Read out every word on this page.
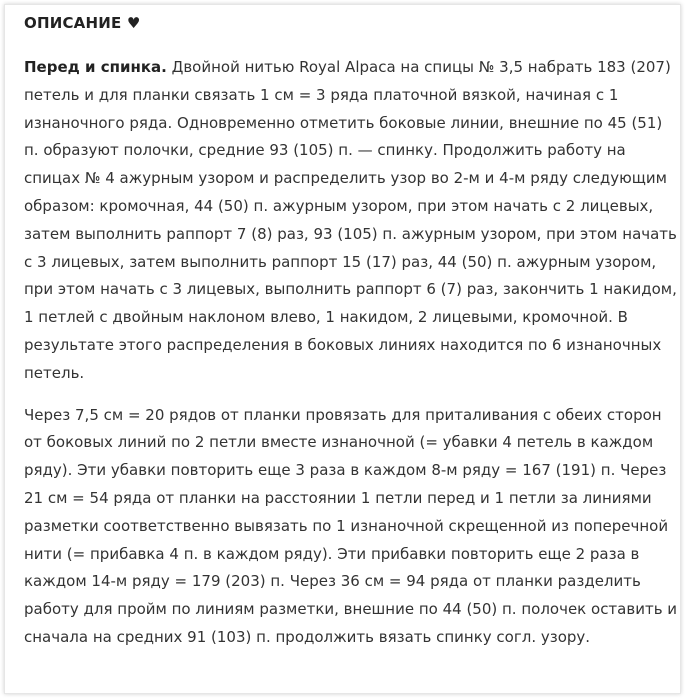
ОПИСАНИЕ ♥

Перед и спинка. Двойной нитью Royal Alpaca на спицы № 3,5 набрать 183 (207) петель и для планки связать 1 см = 3 ряда платочной вязкой, начиная с 1 изнаночного ряда. Одновременно отметить боковые линии, внешние по 45 (51) п. образуют полочки, средние 93 (105) п. — спинку. Продолжить работу на спицах № 4 ажурным узором и распределить узор во 2-м и 4-м ряду следующим образом: кромочная, 44 (50) п. ажурным узором, при этом начать с 2 лицевых, затем выполнить раппорт 7 (8) раз, 93 (105) п. ажурным узором, при этом начать с 3 лицевых, затем выполнить раппорт 15 (17) раз, 44 (50) п. ажурным узором, при этом начать с 3 лицевых, выполнить раппорт 6 (7) раз, закончить 1 накидом, 1 петлей с двойным наклоном влево, 1 накидом, 2 лицевыми, кромочной. В результате этого распределения в боковых линиях находится по 6 изнаночных петель.

Через 7,5 см = 20 рядов от планки провязать для приталивания с обеих сторон от боковых линий по 2 петли вместе изнаночной (= убавки 4 петель в каждом ряду). Эти убавки повторить еще 3 раза в каждом 8-м ряду = 167 (191) п. Через 21 см = 54 ряда от планки на расстоянии 1 петли перед и 1 петли за линиями разметки соответственно вывязать по 1 изнаночной скрещенной из поперечной нити (= прибавка 4 п. в каждом ряду). Эти прибавки повторить еще 2 раза в каждом 14-м ряду = 179 (203) п. Через 36 см = 94 ряда от планки разделить работу для пройм по линиям разметки, внешние по 44 (50) п. полочек оставить и сначала на средних 91 (103) п. продолжить вязать спинку согл. узору.
